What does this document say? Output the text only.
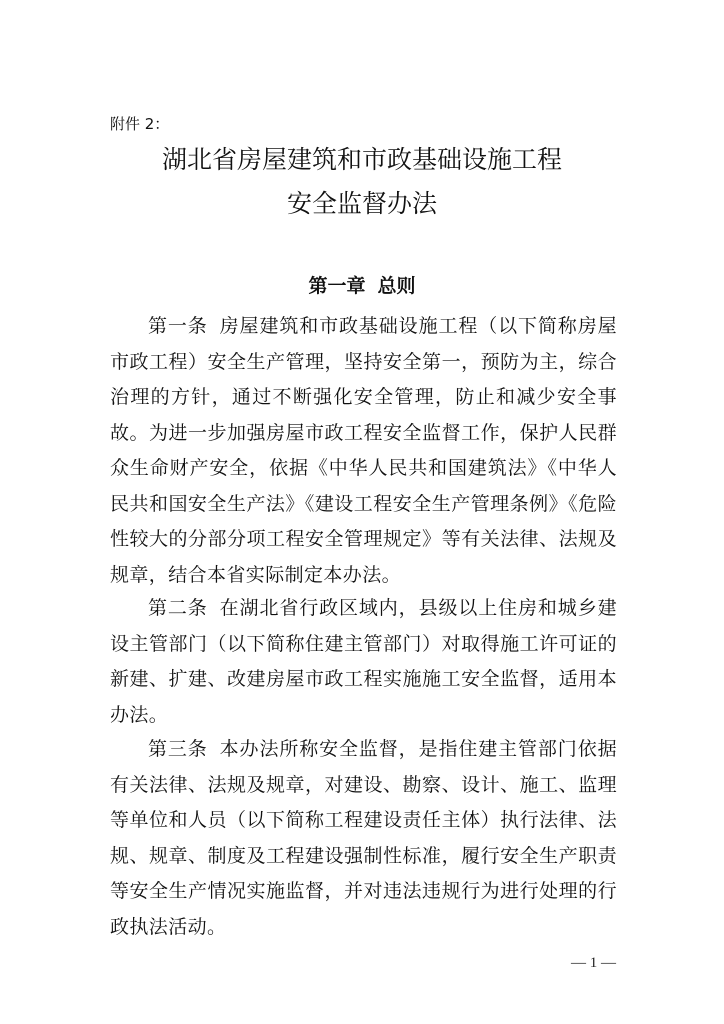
附件 2：
湖北省房屋建筑和市政基础设施工程
安全监督办法
第一章 总则
第一条 房屋建筑和市政基础设施工程（以下简称房屋市政工程）安全生产管理，坚持安全第一，预防为主，综合治理的方针，通过不断强化安全管理，防止和减少安全事故。为进一步加强房屋市政工程安全监督工作，保护人民群众生命财产安全，依据《中华人民共和国建筑法》《中华人民共和国安全生产法》《建设工程安全生产管理条例》《危险性较大的分部分项工程安全管理规定》等有关法律、法规及规章，结合本省实际制定本办法。
第二条 在湖北省行政区域内，县级以上住房和城乡建设主管部门（以下简称住建主管部门）对取得施工许可证的新建、扩建、改建房屋市政工程实施施工安全监督，适用本办法。
第三条 本办法所称安全监督，是指住建主管部门依据有关法律、法规及规章，对建设、勘察、设计、施工、监理等单位和人员（以下简称工程建设责任主体）执行法律、法规、规章、制度及工程建设强制性标准，履行安全生产职责等安全生产情况实施监督，并对违法违规行为进行处理的行政执法活动。
— 1 —
